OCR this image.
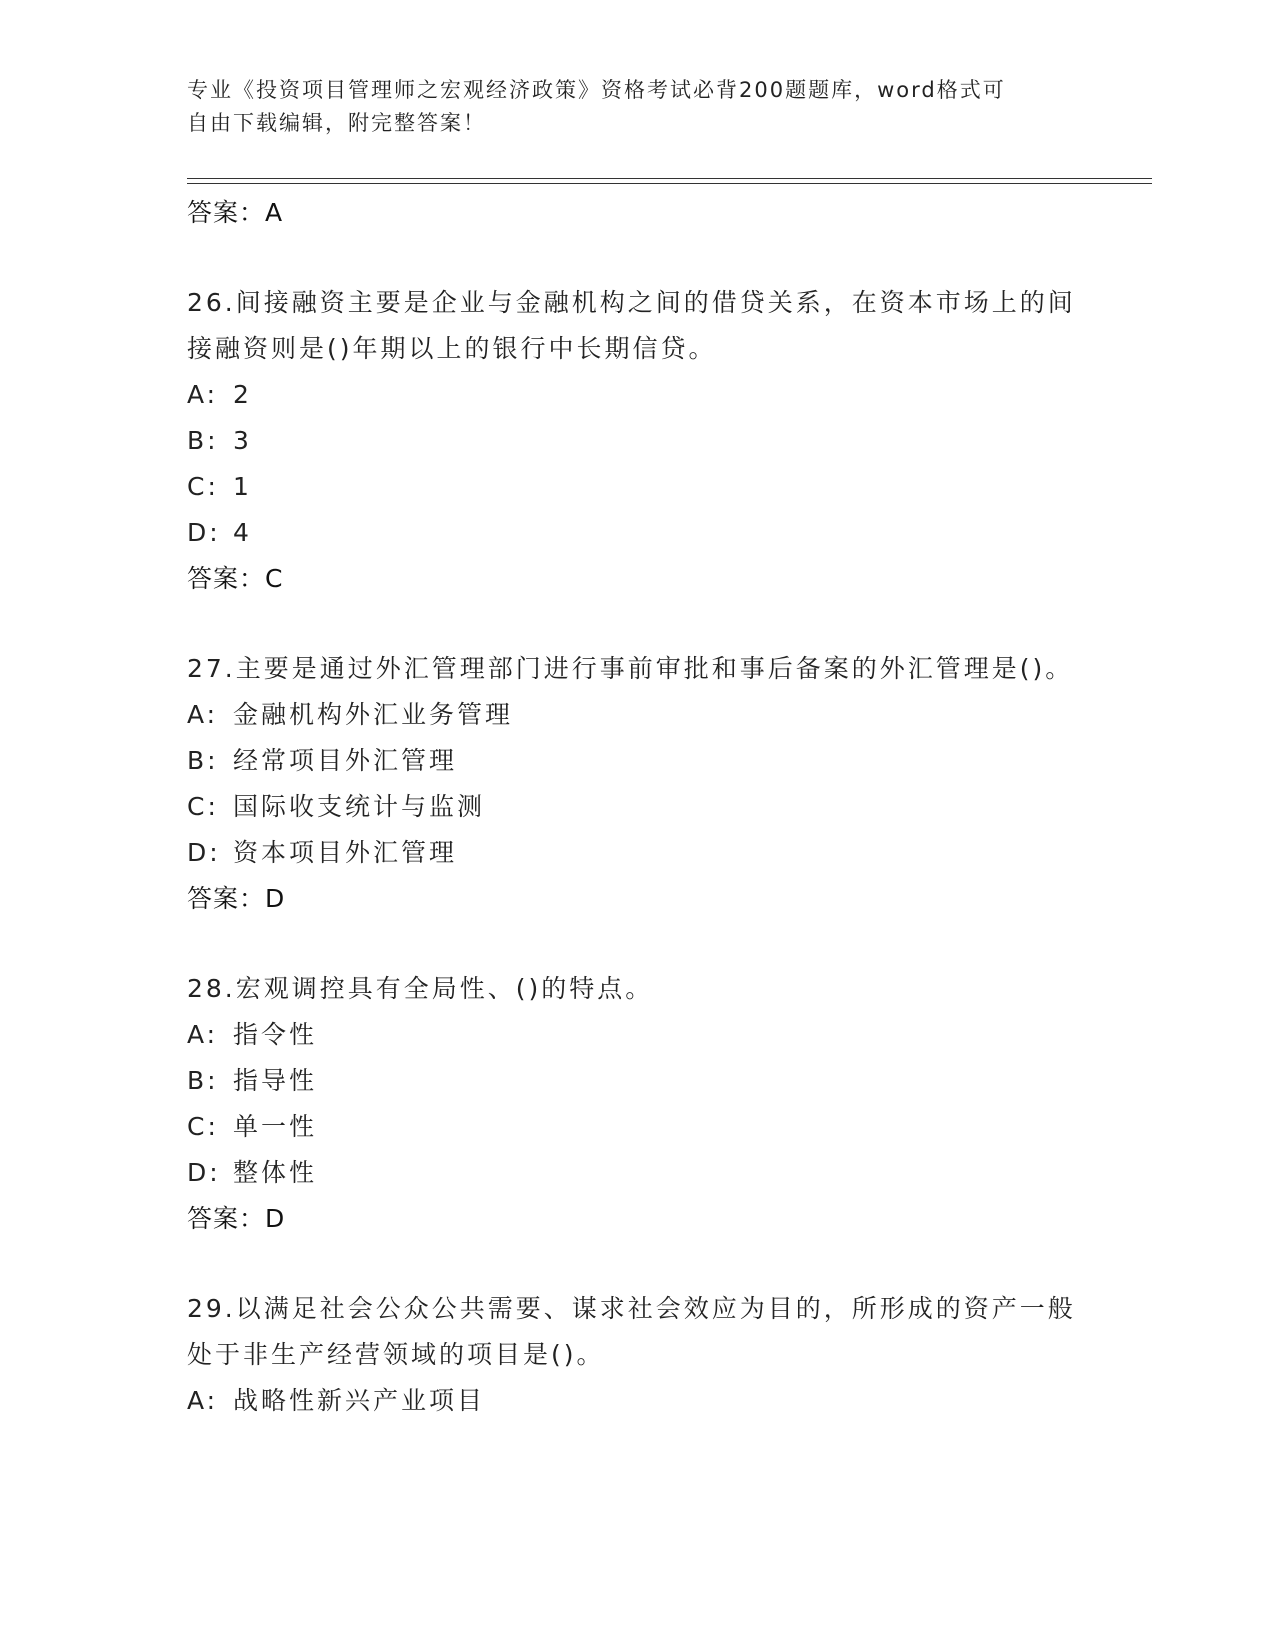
专业《投资项目管理师之宏观经济政策》资格考试必背200题题库，word格式可
自由下载编辑，附完整答案！
答案：A
26.间接融资主要是企业与金融机构之间的借贷关系，在资本市场上的间接融资则是()年期以上的银行中长期信贷。
A: 2
B: 3
C: 1
D: 4
答案：C
27.主要是通过外汇管理部门进行事前审批和事后备案的外汇管理是()。
A: 金融机构外汇业务管理
B: 经常项目外汇管理
C: 国际收支统计与监测
D: 资本项目外汇管理
答案：D
28.宏观调控具有全局性、()的特点。
A: 指令性
B: 指导性
C: 单一性
D: 整体性
答案：D
29.以满足社会公众公共需要、谋求社会效应为目的，所形成的资产一般处于非生产经营领域的项目是()。
A: 战略性新兴产业项目
